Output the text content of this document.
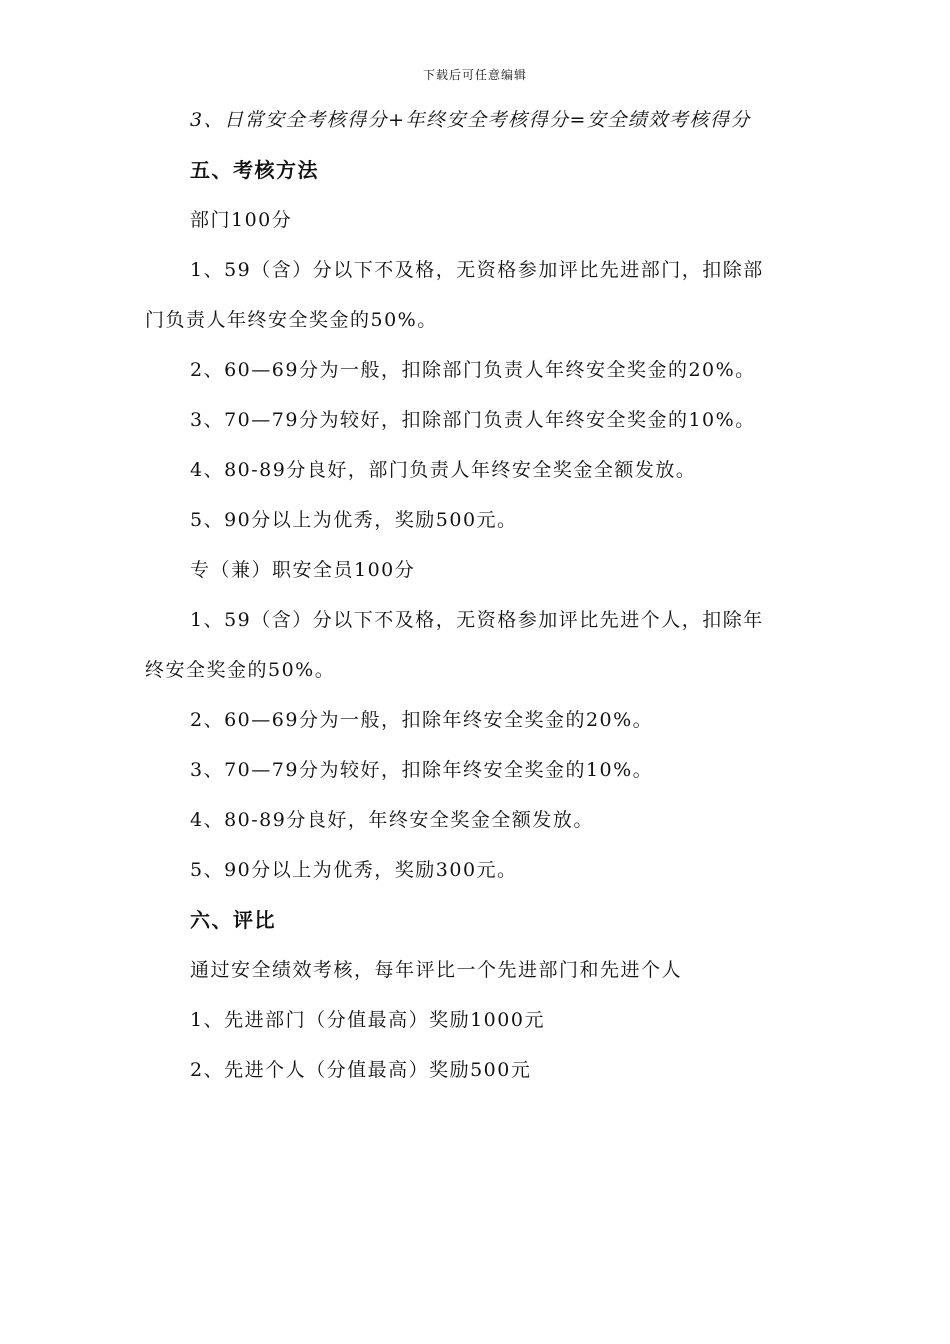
下载后可任意编辑
3、日常安全考核得分+年终安全考核得分=安全绩效考核得分
五、考核方法
部门100分
1、59（含）分以下不及格，无资格参加评比先进部门，扣除部
门负责人年终安全奖金的50%。
2、60—69分为一般，扣除部门负责人年终安全奖金的20%。
3、70—79分为较好，扣除部门负责人年终安全奖金的10%。
4、80-89分良好，部门负责人年终安全奖金全额发放。
5、90分以上为优秀，奖励500元。
专（兼）职安全员100分
1、59（含）分以下不及格，无资格参加评比先进个人，扣除年
终安全奖金的50%。
2、60—69分为一般，扣除年终安全奖金的20%。
3、70—79分为较好，扣除年终安全奖金的10%。
4、80-89分良好，年终安全奖金全额发放。
5、90分以上为优秀，奖励300元。
六、评比
通过安全绩效考核，每年评比一个先进部门和先进个人
1、先进部门（分值最高）奖励1000元
2、先进个人（分值最高）奖励500元
